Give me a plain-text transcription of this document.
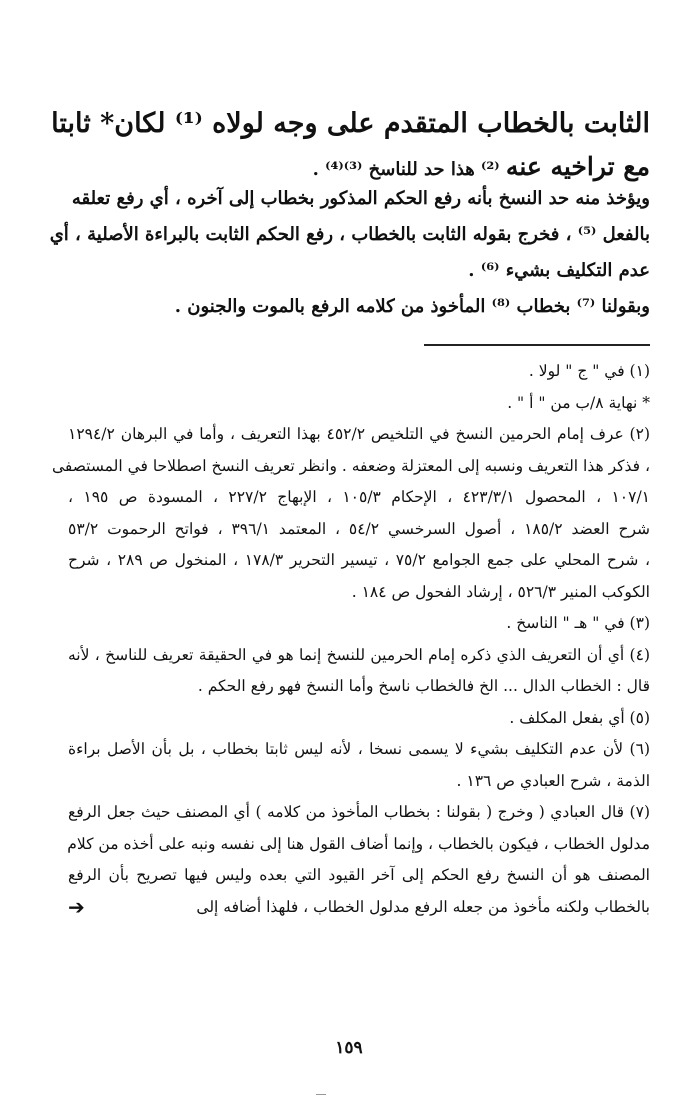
الثابت بالخطاب المتقدم على وجه لولاه ⁽¹⁾ لكان* ثابتا

مع تراخيه عنه ⁽²⁾ هذا حد للناسخ ⁽³⁾⁽⁴⁾ .

ويؤخذ منه حد النسخ بأنه رفع الحكم المذكور بخطاب إلى آخره ، أي رفع تعلقه

بالفعل ⁽⁵⁾ ، فخرج بقوله الثابت بالخطاب ، رفع الحكم الثابت بالبراءة الأصلية ، أي

عدم التكليف بشيء ⁽⁶⁾ .

وبقولنا ⁽⁷⁾ بخطاب ⁽⁸⁾ المأخوذ من كلامه الرفع بالموت والجنون .

(١) في " ج " لولا .

* نهاية ٨/ب من " أ " .

(٢) عرف إمام الحرمين النسخ في التلخيص ٤٥٢/٢ بهذا التعريف ، وأما في البرهان ١٢٩٤/٢

، فذكر هذا التعريف ونسبه إلى المعتزلة وضعفه . وانظر تعريف النسخ اصطلاحا في المستصفى

١٠٧/١ ، المحصول ٤٢٣/٣/١ ، الإحكام ١٠٥/٣ ، الإبهاج ٢٢٧/٢ ، المسودة ص ١٩٥ ،

شرح العضد ١٨٥/٢ ، أصول السرخسي ٥٤/٢ ، المعتمد ٣٩٦/١ ، فواتح الرحموت ٥٣/٢

، شرح المحلي على جمع الجوامع ٧٥/٢ ، تيسير التحرير ١٧٨/٣ ، المنخول ص ٢٨٩ ، شرح

الكوكب المنير ٥٢٦/٣ ، إرشاد الفحول ص ١٨٤ .

(٣) في " هـ " الناسخ .

(٤) أي أن التعريف الذي ذكره إمام الحرمين للنسخ إنما هو في الحقيقة تعريف للناسخ ، لأنه

قال : الخطاب الدال ... الخ فالخطاب ناسخ وأما النسخ فهو رفع الحكم .

(٥) أي بفعل المكلف .

(٦) لأن عدم التكليف بشيء لا يسمى نسخا ، لأنه ليس ثابتا بخطاب ، بل بأن الأصل براءة

الذمة ، شرح العبادي ص ١٣٦ .

(٧) قال العبادي ( وخرج ( بقولنا : بخطاب المأخوذ من كلامه ) أي المصنف حيث جعل الرفع

مدلول الخطاب ، فيكون بالخطاب ، وإنما أضاف القول هنا إلى نفسه ونبه على أخذه من كلام

المصنف هو أن النسخ رفع الحكم إلى آخر القيود التي بعده وليس فيها تصريح بأن الرفع

بالخطاب ولكنه مأخوذ من جعله الرفع مدلول الخطاب ، فلهذا أضافه إلى
➔
١٥٩
